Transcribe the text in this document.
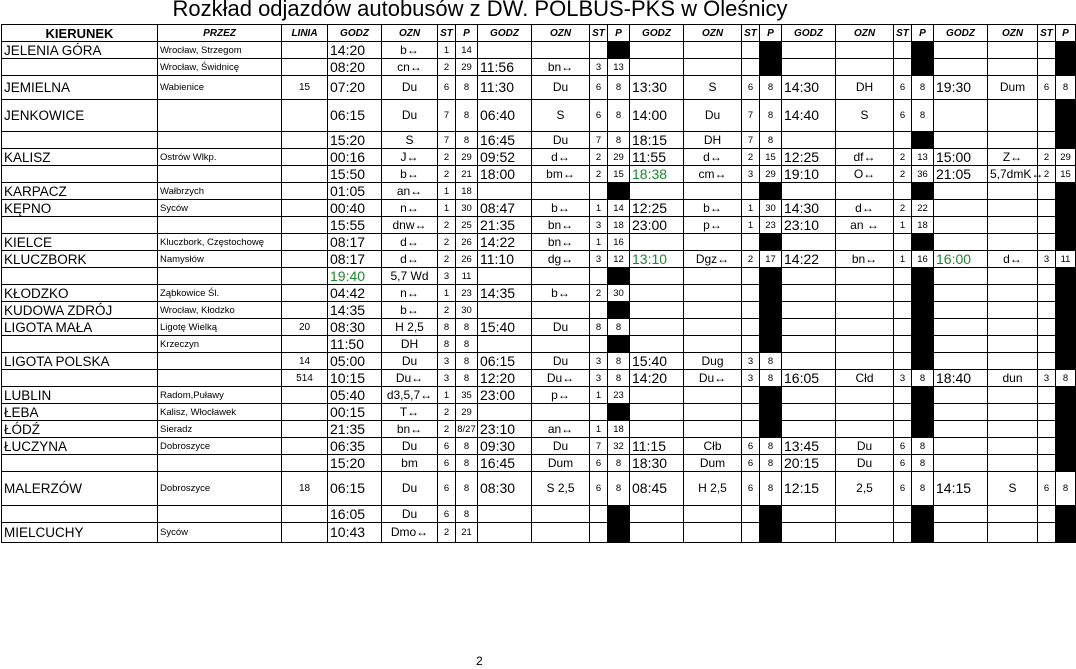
Rozkład odjazdów autobusów z DW. POLBUS-PKS w Oleśnicy
KIERUNEK	PRZEZ	LINIA	GODZ	OZN	ST	P	GODZ	OZN	ST	P	GODZ	OZN	ST	P	GODZ	OZN	ST	P	GODZ	OZN	ST	P
JELENIA GÓRA	Wrocław, Strzegom		14:20	b↔	1	14																
	Wrocław, Świdnicę		08:20	cn↔	2	29	11:56	bn↔	3	13												
JEMIELNA	Wabienice	15	07:20	Du	6	8	11:30	Du	6	8	13:30	S	6	8	14:30	DH	6	8	19:30	Dum	6	8
JENKOWICE			06:15	Du	7	8	06:40	S	6	8	14:00	Du	7	8	14:40	S	6	8				
			15:20	S	7	8	16:45	Du	7	8	18:15	DH	7	8								
KALISZ	Ostrów Wlkp.		00:16	J↔	2	29	09:52	d↔	2	29	11:55	d↔	2	15	12:25	df↔	2	13	15:00	Z↔	2	29
			15:50	b↔	2	21	18:00	bm↔	2	15	18:38	cm↔	3	29	19:10	O↔	2	36	21:05	5,7dmK↔	2	15
KARPACZ	Wałbrzych		01:05	an↔	1	18																
KĘPNO	Syców		00:40	n↔	1	30	08:47	b↔	1	14	12:25	b↔	1	30	14:30	d↔	2	22				
			15:55	dnw↔	2	25	21:35	bn↔	3	18	23:00	p↔	1	23	23:10	an ↔	1	18				
KIELCE	Kluczbork, Częstochowę		08:17	d↔	2	26	14:22	bn↔	1	16												
KLUCZBORK	Namysłów		08:17	d↔	2	26	11:10	dg↔	3	12	13:10	Dgz↔	2	17	14:22	bn↔	1	16	16:00	d↔	3	11
			19:40	5,7 Wd	3	11																
KŁODZKO	Ząbkowice Śl.		04:42	n↔	1	23	14:35	b↔	2	30												
KUDOWA ZDRÓJ	Wrocław, Kłodzko		14:35	b↔	2	30																
LIGOTA MAŁA	Ligotę Wielką	20	08:30	H 2,5	8	8	15:40	Du	8	8												
	Krzeczyn		11:50	DH	8	8																
LIGOTA POLSKA		14	05:00	Du	3	8	06:15	Du	3	8	15:40	Dug	3	8								
		514	10:15	Du↔	3	8	12:20	Du↔	3	8	14:20	Du↔	3	8	16:05	Cłd	3	8	18:40	dun	3	8
LUBLIN	Radom,Puławy		05:40	d3,5,7↔	1	35	23:00	p↔	1	23												
ŁEBA	Kalisz, Włocławek		00:15	T↔	2	29																
ŁÓDŹ	Sieradz		21:35	bn↔	2	8/27	23:10	an↔	1	18												
ŁUCZYNA	Dobroszyce		06:35	Du	6	8	09:30	Du	7	32	11:15	Cłb	6	8	13:45	Du	6	8				
			15:20	bm	6	8	16:45	Dum	6	8	18:30	Dum	6	8	20:15	Du	6	8				
MALERZÓW	Dobroszyce	18	06:15	Du	6	8	08:30	S 2,5	6	8	08:45	H 2,5	6	8	12:15	2,5	6	8	14:15	S	6	8
			16:05	Du	6	8																
MIELCUCHY	Syców		10:43	Dmo↔	2	21																
2
